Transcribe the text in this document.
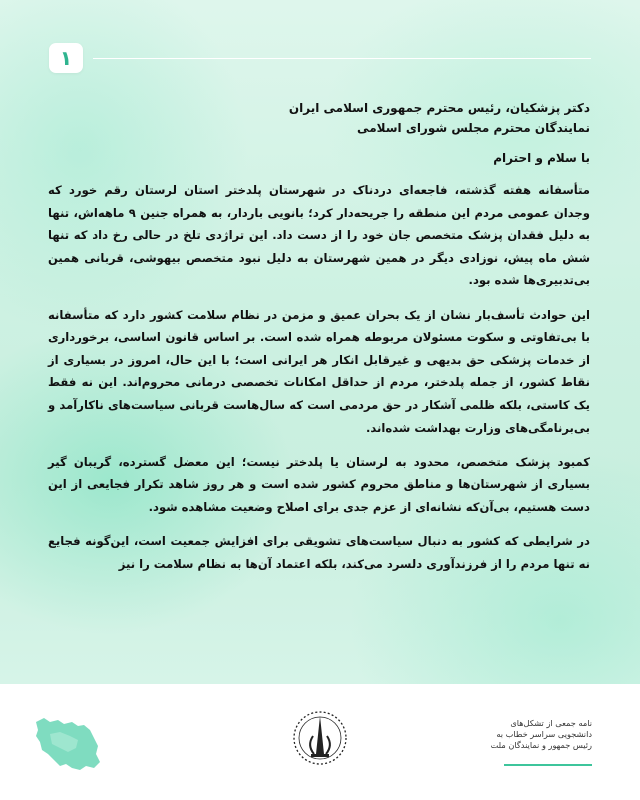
۱
دکتر پزشکیان، رئیس محترم جمهوری اسلامی ایران
نمایندگان محترم مجلس شورای اسلامی
با سلام و احترام

متأسفانه هفته گذشته، فاجعه‌ای دردناک در شهرستان پلدختر استان لرستان رقم خورد که وجدان عمومی مردم این منطقه را جریحه‌دار کرد؛ بانویی باردار، به همراه جنین ۹ ماهه‌اش، تنها به دلیل فقدان پزشک متخصص جان خود را از دست داد. این تراژدی تلخ در حالی رخ داد که تنها شش ماه پیش، نوزادی دیگر در همین شهرستان به دلیل نبود متخصص بیهوشی، قربانی همین بی‌تدبیری‌ها شده بود.

این حوادث تأسف‌بار نشان از یک بحران عمیق و مزمن در نظام سلامت کشور دارد که متأسفانه با بی‌تفاوتی و سکوت مسئولان مربوطه همراه شده است. بر اساس قانون اساسی، برخورداری از خدمات پزشکی حق بدیهی و غیرقابل انکار هر ایرانی است؛ با این حال، امروز در بسیاری از نقاط کشور، از جمله پلدختر، مردم از حداقل امکانات تخصصی درمانی محروم‌اند. این نه فقط یک کاستی، بلکه ظلمی آشکار در حق مردمی است که سال‌هاست قربانی سیاست‌های ناکارآمد و بی‌برنامگی‌های وزارت بهداشت شده‌اند.

کمبود پزشک متخصص، محدود به لرستان یا پلدختر نیست؛ این معضل گسترده، گریبان گیر بسیاری از شهرستان‌ها و مناطق محروم کشور شده است و هر روز شاهد تکرار فجایعی از این دست هستیم، بی‌آن‌که نشانه‌ای از عزم جدی برای اصلاح وضعیت مشاهده شود.

در شرایطی که کشور به دنبال سیاست‌های تشویقی برای افزایش جمعیت است، این‌گونه فجایع نه تنها مردم را از فرزندآوری دلسرد می‌کند، بلکه اعتماد آن‌ها به نظام سلامت را نیز

نامه جمعی از تشکل‌های
دانشجویی سراسر خطاب به
رئیس جمهور و نمایندگان ملت
